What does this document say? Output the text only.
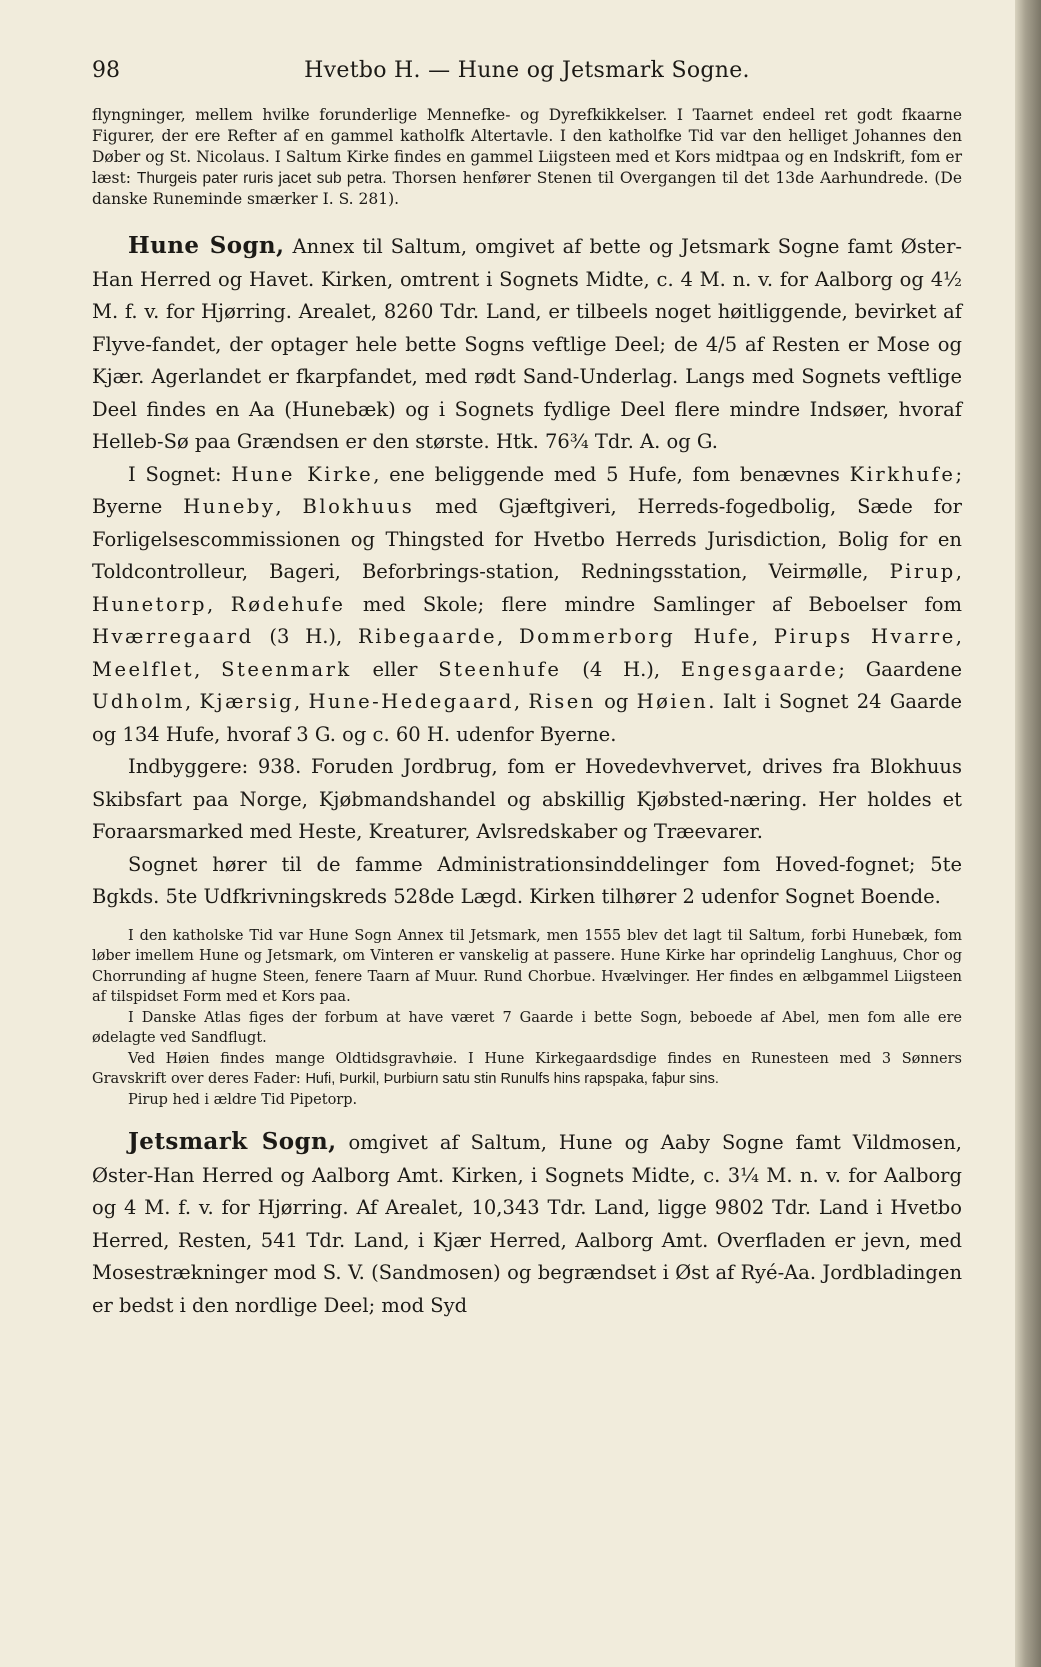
98	Hvetbo H. — Hune og Jetsmark Sogne.

flyngninger, mellem hvilke forunderlige Mennefke- og Dyrefkikkelser. I Taarnet endeel ret godt fkaarne Figurer, der ere Refter af en gammel katholfk Altertavle. I den katholfke Tid var den helliget Johannes den Døber og St. Nicolaus. I Saltum Kirke findes en gammel Liigsteen med et Kors midtpaa og en Indskrift, fom er læst: Thurgeis pater ruris jacet sub petra. Thorsen henfører Stenen til Overgangen til det 13de Aarhundrede. (De danske Runeminde smærker I. S. 281).

Hune Sogn, Annex til Saltum, omgivet af bette og Jetsmark Sogne famt Øster-Han Herred og Havet. Kirken, omtrent i Sognets Midte, c. 4 M. n. v. for Aalborg og 4½ M. f. v. for Hjørring. Arealet, 8260 Tdr. Land, er tilbeels noget høitliggende, bevirket af Flyve-fandet, der optager hele bette Sogns veftlige Deel; de 4/5 af Resten er Mose og Kjær. Agerlandet er fkarpfandet, med rødt Sand-Underlag. Langs med Sognets veftlige Deel findes en Aa (Hunebæk) og i Sognets fydlige Deel flere mindre Indsøer, hvoraf Helleb-Sø paa Grændsen er den største. Htk. 76¾ Tdr. A. og G.

I Sognet: Hune Kirke, ene beliggende med 5 Hufe, fom benævnes Kirkhufe; Byerne Huneby, Blokhuus med Gjæftgiveri, Herreds-fogedbolig, Sæde for Forligelsescommissionen og Thingsted for Hvetbo Herreds Jurisdiction, Bolig for en Toldcontrolleur, Bageri, Beforbrings-station, Redningsstation, Veirmølle, Pirup, Hunetorp, Rødehufe med Skole; flere mindre Samlinger af Beboelser fom Hværregaard (3 H.), Ribegaarde, Dommerborg Hufe, Pirups Hvarre, Meelflet, Steenmark eller Steenhufe (4 H.), Engesgaarde; Gaardene Udholm, Kjærsig, Hune-Hedegaard, Risen og Høien. Ialt i Sognet 24 Gaarde og 134 Hufe, hvoraf 3 G. og c. 60 H. udenfor Byerne.

Indbyggere: 938. Foruden Jordbrug, fom er Hovedevhvervet, drives fra Blokhuus Skibsfart paa Norge, Kjøbmandshandel og abskillig Kjøbsted-næring. Her holdes et Foraarsmarked med Heste, Kreaturer, Avlsredskaber og Træevarer.

Sognet hører til de famme Administrationsinddelinger fom Hoved-fognet; 5te Bgkds. 5te Udfkrivningskreds 528de Lægd. Kirken tilhører 2 udenfor Sognet Boende.

I den katholske Tid var Hune Sogn Annex til Jetsmark, men 1555 blev det lagt til Saltum, forbi Hunebæk, fom løber imellem Hune og Jetsmark, om Vinteren er vanskelig at passere. Hune Kirke har oprindelig Langhuus, Chor og Chorrunding af hugne Steen, fenere Taarn af Muur. Rund Chorbue. Hvælvinger. Her findes en ælbgammel Liigsteen af tilspidset Form med et Kors paa.

I Danske Atlas figes der forbum at have været 7 Gaarde i bette Sogn, beboede af Abel, men fom alle ere ødelagte ved Sandflugt.

Ved Høien findes mange Oldtidsgravhøie. I Hune Kirkegaardsdige findes en Runesteen med 3 Sønners Gravskrift over deres Fader: Hufi, Þurkil, Þurbiurn satu stin Runulfs hins rapspaka, faþur sins.

Pirup hed i ældre Tid Pipetorp.

Jetsmark Sogn, omgivet af Saltum, Hune og Aaby Sogne famt Vildmosen, Øster-Han Herred og Aalborg Amt. Kirken, i Sognets Midte, c. 3¼ M. n. v. for Aalborg og 4 M. f. v. for Hjørring. Af Arealet, 10,343 Tdr. Land, ligge 9802 Tdr. Land i Hvetbo Herred, Resten, 541 Tdr. Land, i Kjær Herred, Aalborg Amt. Overfladen er jevn, med Mosestrækninger mod S. V. (Sandmosen) og begrændset i Øst af Ryé-Aa. Jordbladingen er bedst i den nordlige Deel; mod Syd
